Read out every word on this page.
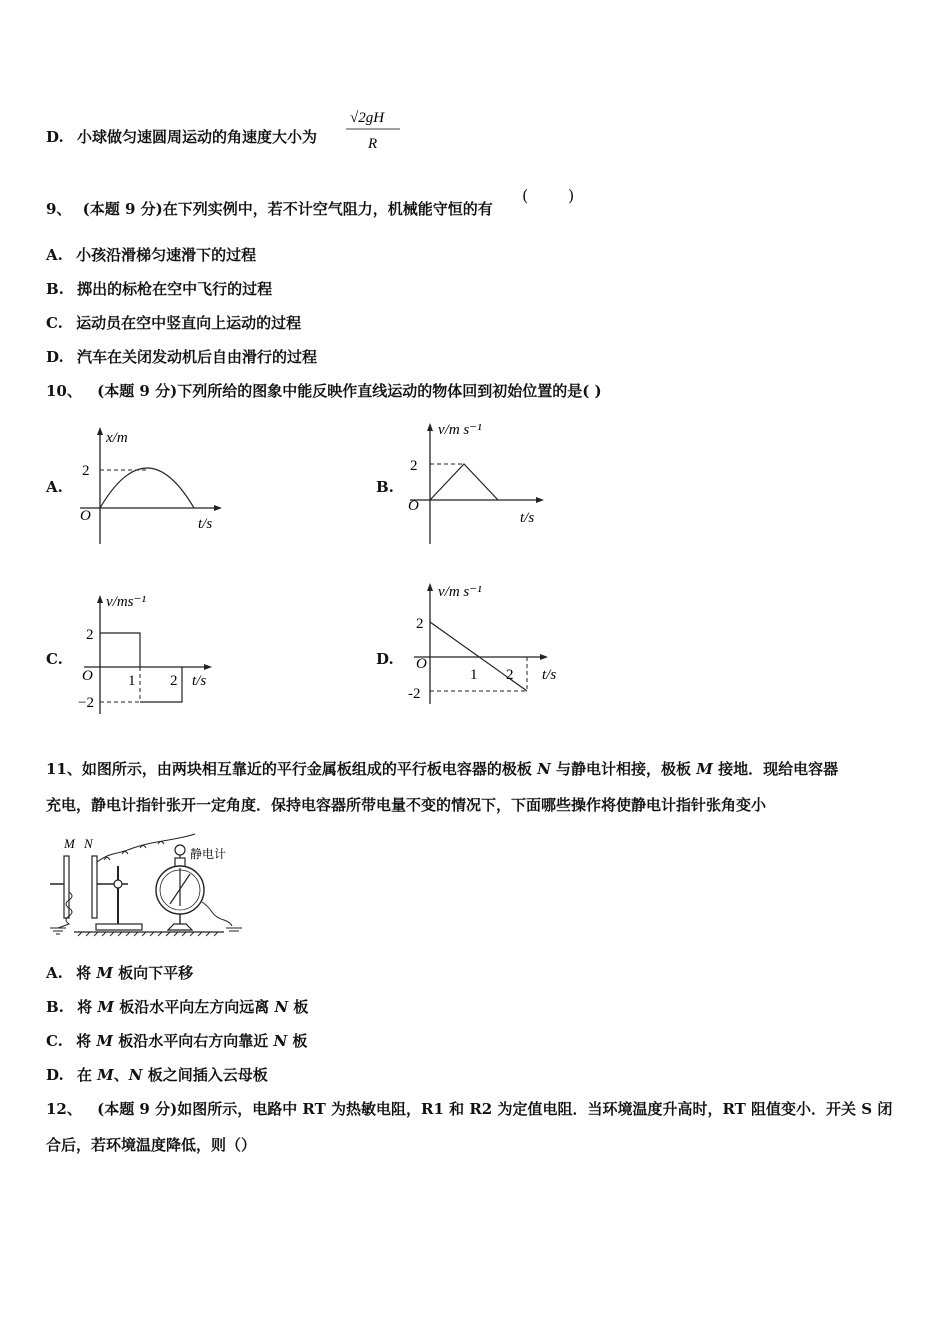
D. 小球做匀速圆周运动的角速度大小为
√2gH
R
9、 (本题 9 分)在下列实例中，若不计空气阻力，机械能守恒的有
( )
A. 小孩沿滑梯匀速滑下的过程
B. 掷出的标枪在空中飞行的过程
C. 运动员在空中竖直向上运动的过程
D. 汽车在关闭发动机后自由滑行的过程
10、 (本题 9 分)下列所给的图象中能反映作直线运动的物体回到初始位置的是( )
A.
x/m
2
O	t/s
B.
v/m s⁻¹
2
O
t/s
C.
v/ms⁻¹
2
O 1 2 t/s
−2
D.
v/m s⁻¹
2
O
1 2 t/s
-2
11、如图所示，由两块相互靠近的平行金属板组成的平行板电容器的极板 N 与静电计相接，极板 M 接地．现给电容器
充电，静电计指针张开一定角度．保持电容器所带电量不变的情况下，下面哪些操作将使静电计指针张角变小
M N
静电计
A. 将 M 板向下平移
B. 将 M 板沿水平向左方向远离 N 板
C. 将 M 板沿水平向右方向靠近 N 板
D. 在 M、N 板之间插入云母板
12、 (本题 9 分)如图所示，电路中 RT 为热敏电阻，R1 和 R2 为定值电阻．当环境温度升高时，RT 阻值变小．开关 S 闭
合后，若环境温度降低，则（）
